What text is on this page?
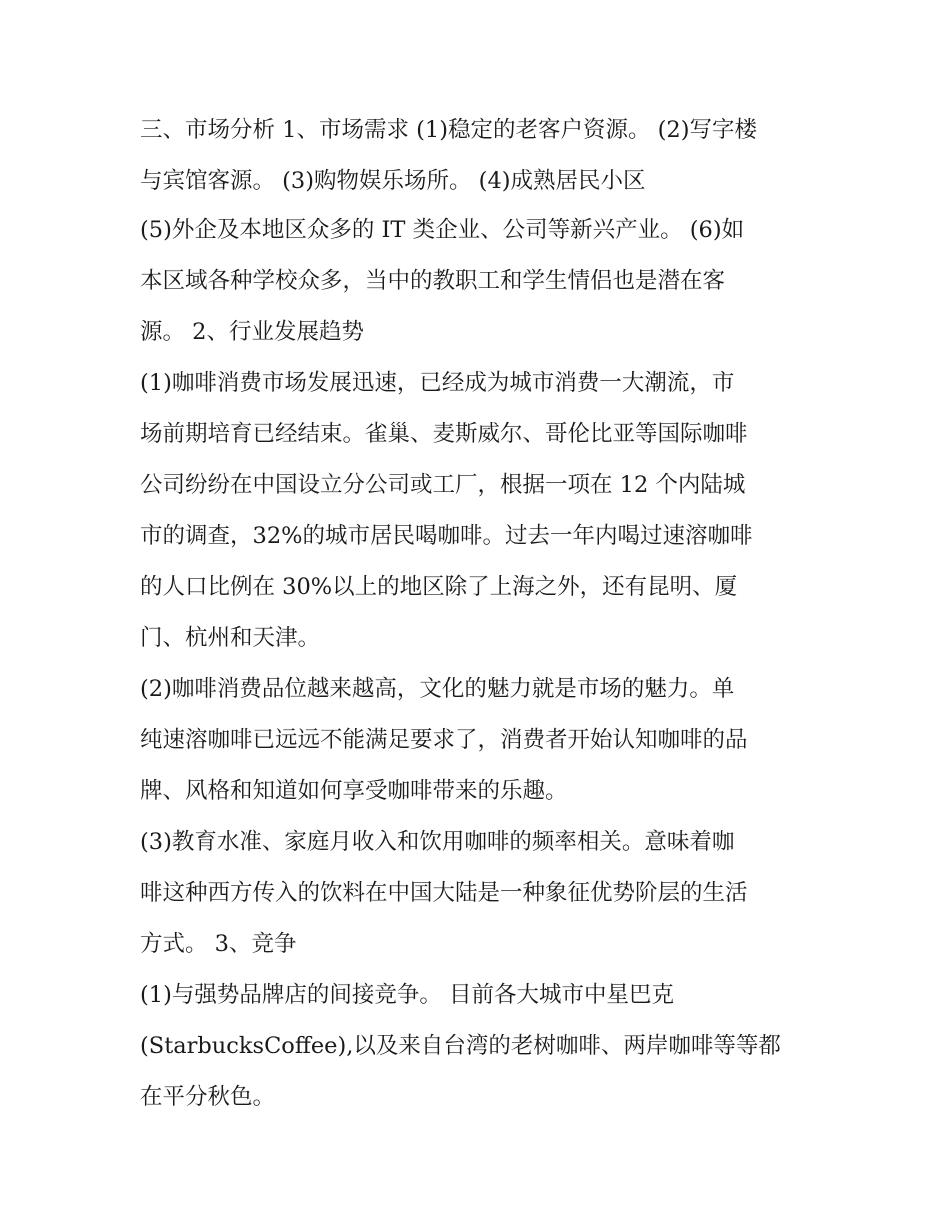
三、市场分析 1、市场需求 (1)稳定的老客户资源。 (2)写字楼
与宾馆客源。 (3)购物娱乐场所。 (4)成熟居民小区
(5)外企及本地区众多的 IT 类企业、公司等新兴产业。 (6)如
本区域各种学校众多，当中的教职工和学生情侣也是潜在客
源。 2、行业发展趋势
(1)咖啡消费市场发展迅速，已经成为城市消费一大潮流，市
场前期培育已经结束。雀巢、麦斯威尔、哥伦比亚等国际咖啡
公司纷纷在中国设立分公司或工厂，根据一项在 12 个内陆城
市的调查，32%的城市居民喝咖啡。过去一年内喝过速溶咖啡
的人口比例在 30%以上的地区除了上海之外，还有昆明、厦
门、杭州和天津。
(2)咖啡消费品位越来越高，文化的魅力就是市场的魅力。单
纯速溶咖啡已远远不能满足要求了，消费者开始认知咖啡的品
牌、风格和知道如何享受咖啡带来的乐趣。
(3)教育水准、家庭月收入和饮用咖啡的频率相关。意味着咖
啡这种西方传入的饮料在中国大陆是一种象征优势阶层的生活
方式。 3、竞争
(1)与强势品牌店的间接竞争。 目前各大城市中星巴克
(StarbucksCoffee),以及来自台湾的老树咖啡、两岸咖啡等等都
在平分秋色。
